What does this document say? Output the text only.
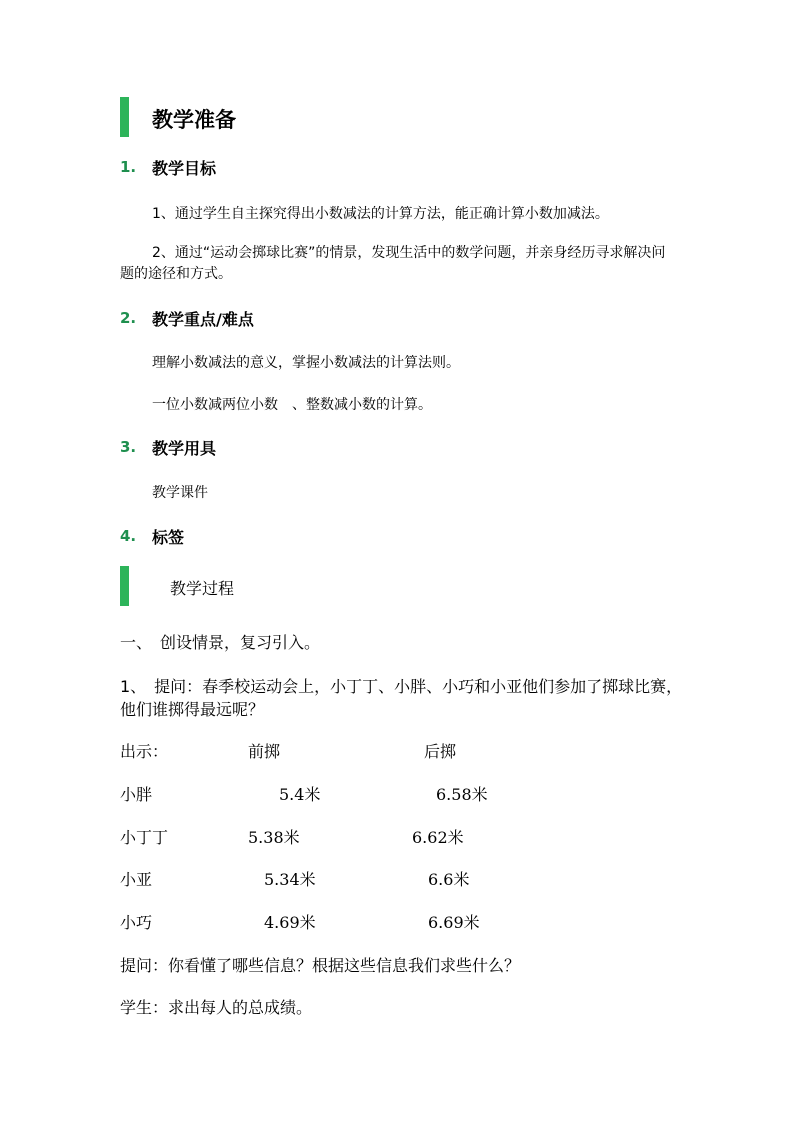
教学准备
1. 教学目标
1、通过学生自主探究得出小数减法的计算方法，能正确计算小数加减法。
2、通过“运动会掷球比赛”的情景，发现生活中的数学问题，并亲身经历寻求解决问
题的途径和方式。
2. 教学重点/难点
理解小数减法的意义，掌握小数减法的计算法则。
一位小数减两位小数　、整数减小数的计算。
3. 教学用具
教学课件
4. 标签
教学过程
一、　创设情景，复习引入。
1、　提问：春季校运动会上，小丁丁、小胖、小巧和小亚他们参加了掷球比赛，
他们谁掷得最远呢？
出示：	前掷	后掷
小胖	5.4米	6.58米
小丁丁	5.38米	6.62米
小亚	5.34米	6.6米
小巧	4.69米	6.69米
提问：你看懂了哪些信息？根据这些信息我们求些什么？
学生：求出每人的总成绩。
